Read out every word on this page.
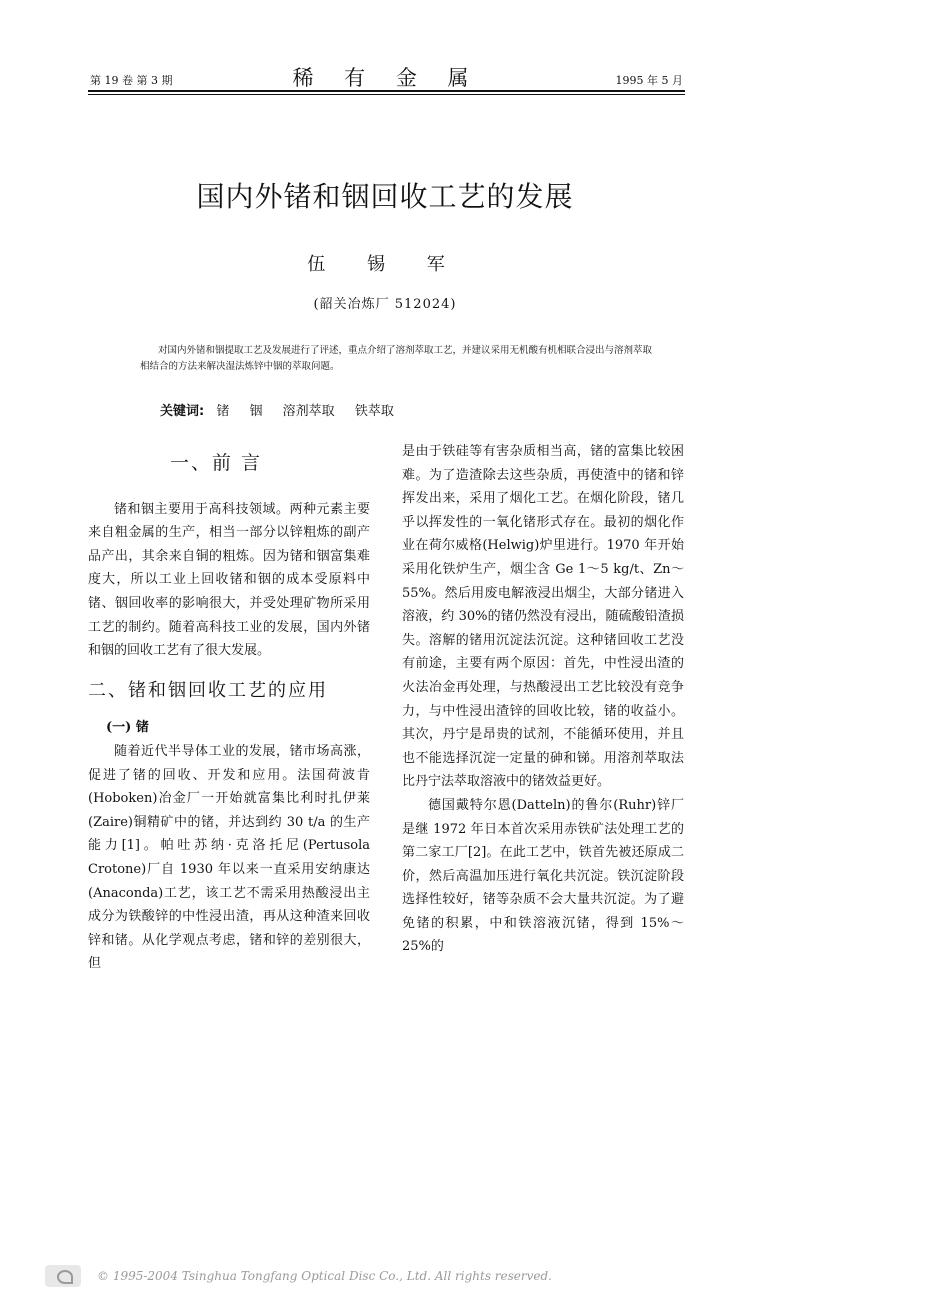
第 19 卷 第 3 期	稀 有 金 属	1995 年 5 月
国内外锗和铟回收工艺的发展
伍 锡 军
(韶关冶炼厂 512024)
对国内外锗和铟提取工艺及发展进行了评述，重点介绍了溶剂萃取工艺，并建议采用无机酸有机相联合浸出与溶剂萃取相结合的方法来解决湿法炼锌中铟的萃取问题。
关键词: 锗 铟 溶剂萃取 铁萃取

一、前 言

锗和铟主要用于高科技领域。两种元素主要来自粗金属的生产，相当一部分以锌粗炼的副产品产出，其余来自铜的粗炼。因为锗和铟富集难度大，所以工业上回收锗和铟的成本受原料中锗、铟回收率的影响很大，并受处理矿物所采用工艺的制约。随着高科技工业的发展，国内外锗和铟的回收工艺有了很大发展。

二、锗和铟回收工艺的应用

(一) 锗

随着近代半导体工业的发展，锗市场高涨，促进了锗的回收、开发和应用。法国荷波肯(Hoboken)冶金厂一开始就富集比利时扎伊莱(Zaire)铜精矿中的锗，并达到约 30 t/a 的生产能力[1]。帕吐苏纳·克洛托尼(Pertusola Crotone)厂自 1930 年以来一直采用安纳康达(Anaconda)工艺，该工艺不需采用热酸浸出主成分为铁酸锌的中性浸出渣，再从这种渣来回收锌和锗。从化学观点考虑，锗和锌的差别很大，但

是由于铁硅等有害杂质相当高，锗的富集比较困难。为了造渣除去这些杂质，再使渣中的锗和锌挥发出来，采用了烟化工艺。在烟化阶段，锗几乎以挥发性的一氧化锗形式存在。最初的烟化作业在荷尔威格(Helwig)炉里进行。1970 年开始采用化铁炉生产，烟尘含 Ge 1～5 kg/t、Zn～55%。然后用废电解液浸出烟尘，大部分锗进入溶液，约 30%的锗仍然没有浸出，随硫酸铅渣损失。溶解的锗用沉淀法沉淀。这种锗回收工艺没有前途，主要有两个原因：首先，中性浸出渣的火法冶金再处理，与热酸浸出工艺比较没有竞争力，与中性浸出渣锌的回收比较，锗的收益小。其次，丹宁是昂贵的试剂，不能循环使用，并且也不能选择沉淀一定量的砷和锑。用溶剂萃取法比丹宁法萃取溶液中的锗效益更好。

德国戴特尔恩(Datteln)的鲁尔(Ruhr)锌厂是继 1972 年日本首次采用赤铁矿法处理工艺的第二家工厂[2]。在此工艺中，铁首先被还原成二价，然后高温加压进行氧化共沉淀。铁沉淀阶段选择性较好，锗等杂质不会大量共沉淀。为了避免锗的积累，中和铁溶液沉锗，得到 15%～25%的

© 1995-2004 Tsinghua Tongfang Optical Disc Co., Ltd. All rights reserved.
